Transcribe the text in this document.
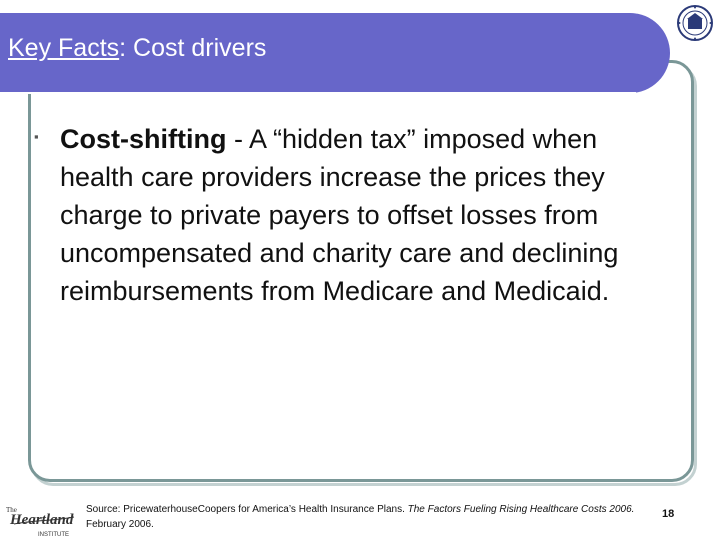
Key Facts: Cost drivers
▪ Cost-shifting - A “hidden tax” imposed when health care providers increase the prices they charge to private payers to offset losses from uncompensated and charity care and declining reimbursements from Medicare and Medicaid.
The
Heartland
INSTITUTE
Source: PricewaterhouseCoopers for America’s Health Insurance Plans. The Factors Fueling Rising Healthcare Costs 2006. February 2006.
18
